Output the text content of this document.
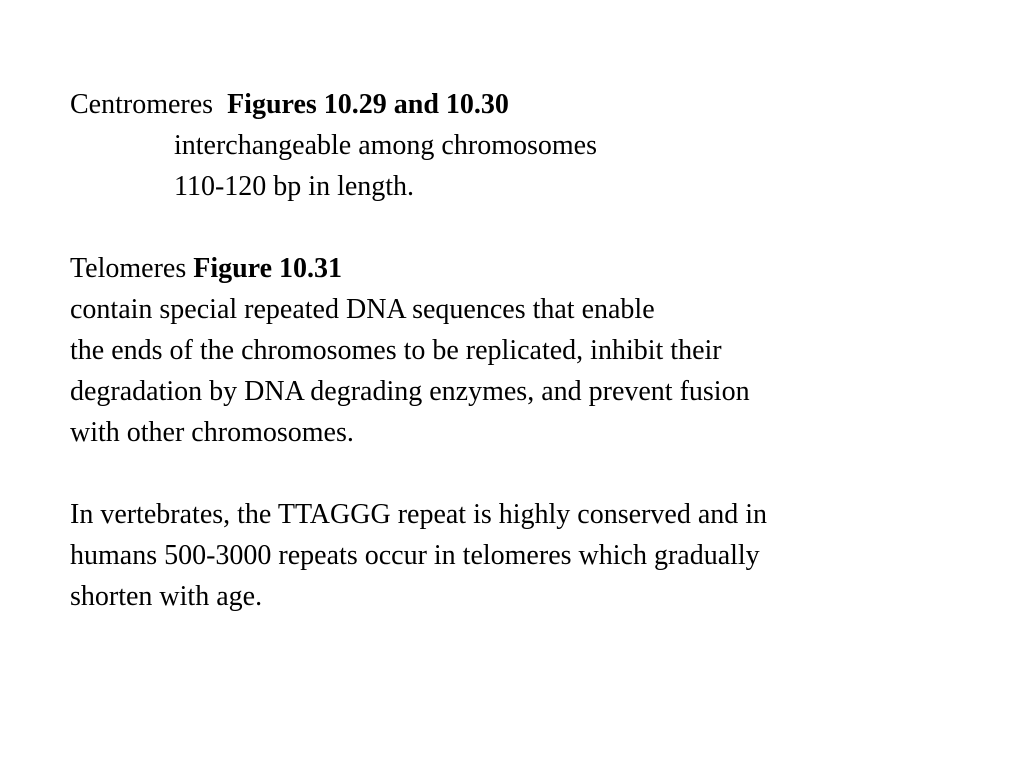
Centromeres Figures 10.29 and 10.30
interchangeable among chromosomes
110-120 bp in length.
Telomeres Figure 10.31
contain special repeated DNA sequences that enable
the ends of the chromosomes to be replicated, inhibit their
degradation by DNA degrading enzymes, and prevent fusion
with other chromosomes.
In vertebrates, the TTAGGG repeat is highly conserved and in
humans 500-3000 repeats occur in telomeres which gradually
shorten with age.
